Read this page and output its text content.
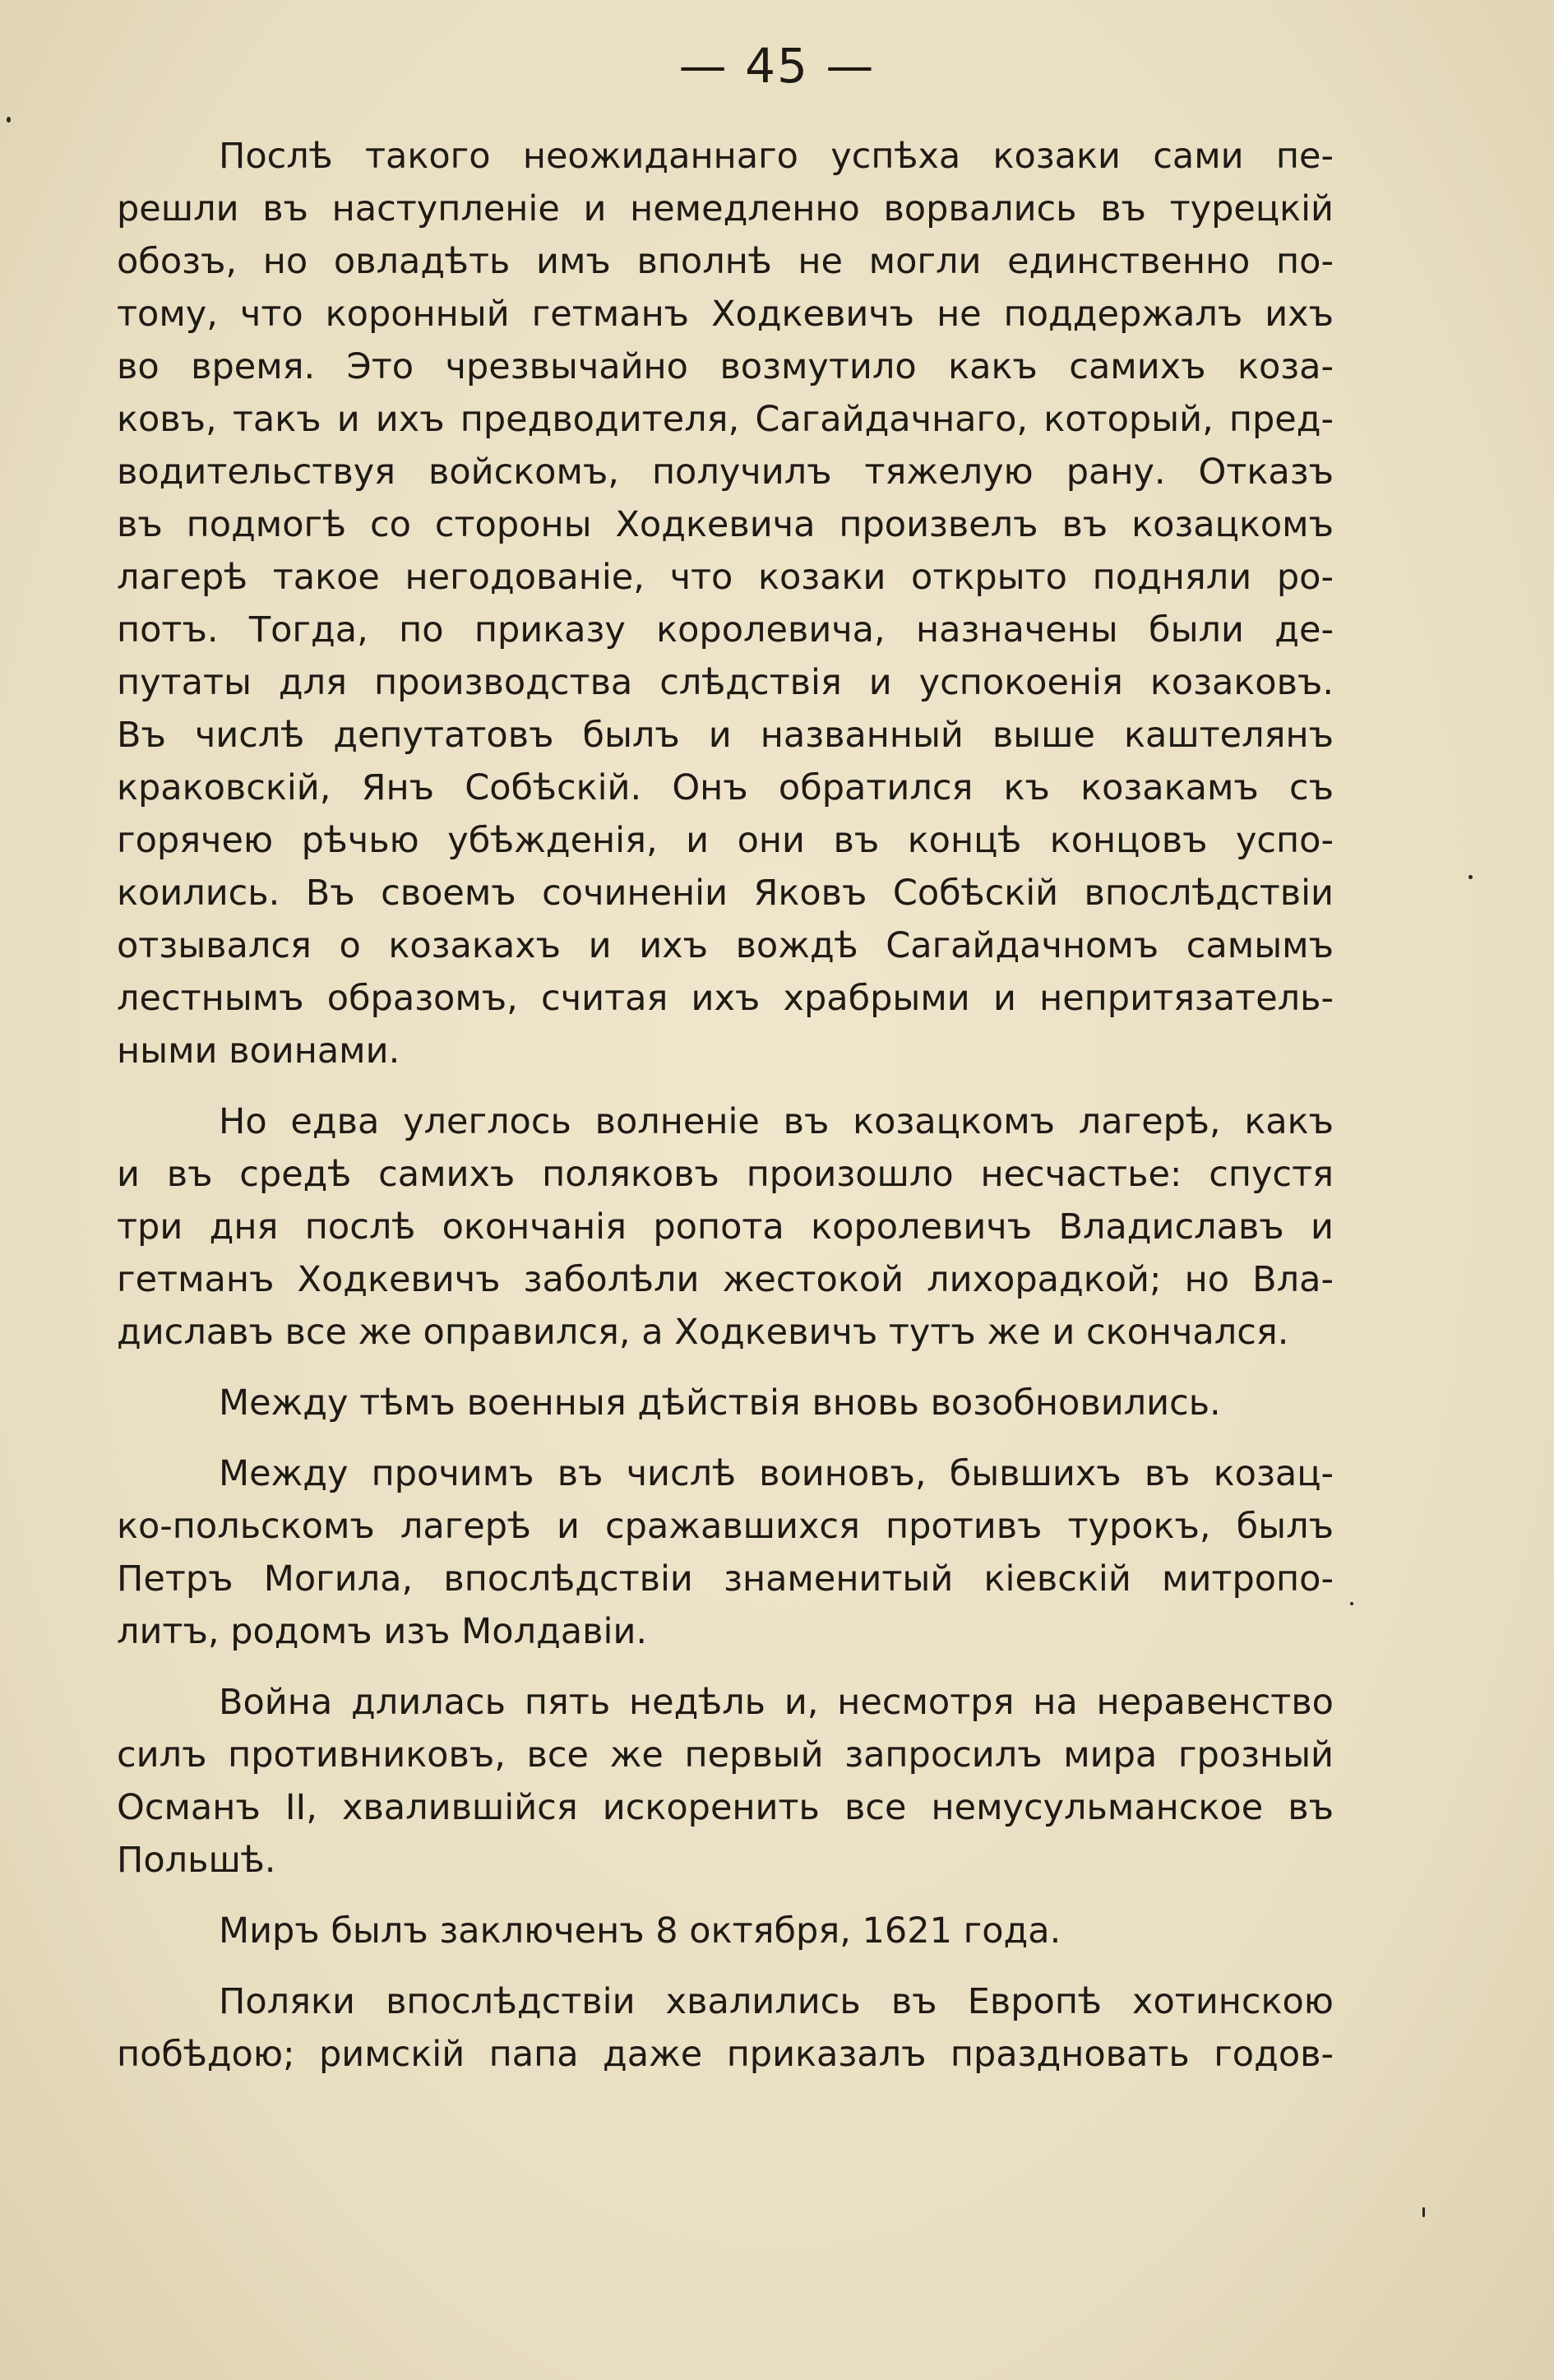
— 45 —
Послѣ такого неожиданнаго успѣха козаки сами пе-
решли въ наступленіе и немедленно ворвались въ турецкій
обозъ, но овладѣть имъ вполнѣ не могли единственно по-
тому, что коронный гетманъ Ходкевичъ не поддержалъ ихъ
во время. Это чрезвычайно возмутило какъ самихъ коза-
ковъ, такъ и ихъ предводителя, Сагайдачнаго, который, пред-
водительствуя войскомъ, получилъ тяжелую рану. Отказъ
въ подмогѣ со стороны Ходкевича произвелъ въ козацкомъ
лагерѣ такое негодованіе, что козаки открыто подняли ро-
потъ. Тогда, по приказу королевича, назначены были де-
путаты для производства слѣдствія и успокоенія козаковъ.
Въ числѣ депутатовъ былъ и названный выше каштелянъ
краковскій, Янъ Собѣскій. Онъ обратился къ козакамъ съ
горячею рѣчью убѣжденія, и они въ концѣ концовъ успо-
коились. Въ своемъ сочиненіи Яковъ Собѣскій впослѣдствіи
отзывался о козакахъ и ихъ вождѣ Сагайдачномъ самымъ
лестнымъ образомъ, считая ихъ храбрыми и непритязатель-
ными воинами.
Но едва улеглось волненіе въ козацкомъ лагерѣ, какъ
и въ средѣ самихъ поляковъ произошло несчастье: спустя
три дня послѣ окончанія ропота королевичъ Владиславъ и
гетманъ Ходкевичъ заболѣли жестокой лихорадкой; но Вла-
диславъ все же оправился, а Ходкевичъ тутъ же и скончался.
Между тѣмъ военныя дѣйствія вновь возобновились.
Между прочимъ въ числѣ воиновъ, бывшихъ въ козац-
ко-польскомъ лагерѣ и сражавшихся противъ турокъ, былъ
Петръ Могила, впослѣдствіи знаменитый кіевскій митропо-
литъ, родомъ изъ Молдавіи.
Война длилась пять недѣль и, несмотря на неравенство
силъ противниковъ, все же первый запросилъ мира грозный
Османъ II, хвалившійся искоренить все немусульманское въ
Польшѣ.
Миръ былъ заключенъ 8 октября, 1621 года.
Поляки впослѣдствіи хвалились въ Европѣ хотинскою
побѣдою; римскій папа даже приказалъ праздновать годов-
